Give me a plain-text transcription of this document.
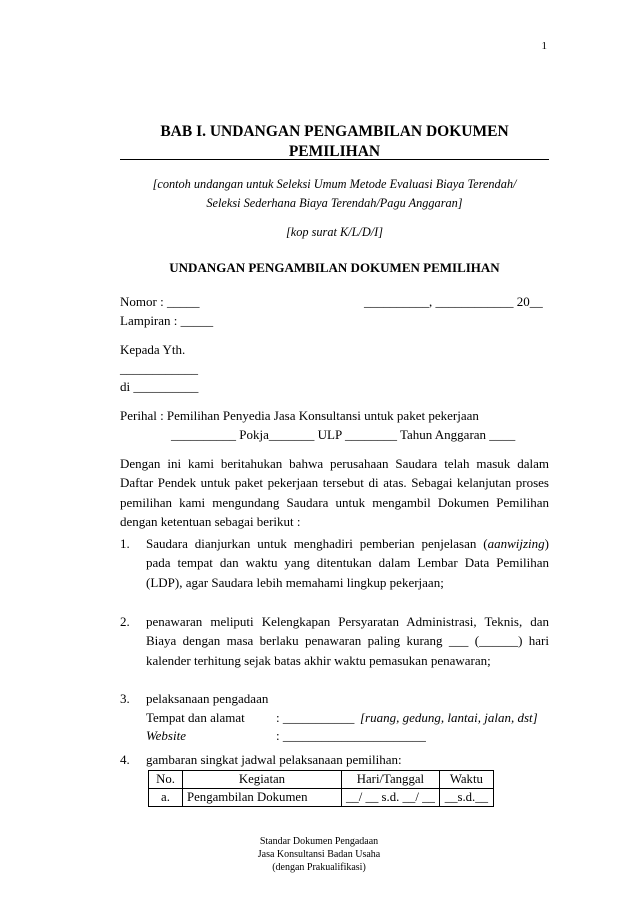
1
BAB I. UNDANGAN PENGAMBILAN DOKUMEN PEMILIHAN
[contoh undangan untuk Seleksi Umum Metode Evaluasi Biaya Terendah/
Seleksi Sederhana Biaya Terendah/Pagu Anggaran]
[kop surat K/L/D/I]
UNDANGAN PENGAMBILAN DOKUMEN PEMILIHAN
Nomor : _____	__________, ____________ 20__
Lampiran : _____
Kepada Yth.
____________
di __________
Perihal : Pemilihan Penyedia Jasa Konsultansi untuk paket pekerjaan
__________ Pokja_______ ULP ________ Tahun Anggaran ____
Dengan ini kami beritahukan bahwa perusahaan Saudara telah masuk dalam Daftar Pendek untuk paket pekerjaan tersebut di atas. Sebagai kelanjutan proses pemilihan kami mengundang Saudara untuk mengambil Dokumen Pemilihan dengan ketentuan sebagai berikut :
1. Saudara dianjurkan untuk menghadiri pemberian penjelasan (aanwijzing) pada tempat dan waktu yang ditentukan dalam Lembar Data Pemilihan (LDP), agar Saudara lebih memahami lingkup pekerjaan;
2. penawaran meliputi Kelengkapan Persyaratan Administrasi, Teknis, dan Biaya dengan masa berlaku penawaran paling kurang ___ (______) hari kalender terhitung sejak batas akhir waktu pemasukan penawaran;
3. pelaksanaan pengadaan
Tempat dan alamat : ___________ [ruang, gedung, lantai, jalan, dst]
Website	: ______________________
4. gambaran singkat jadwal pelaksanaan pemilihan:
No.	Kegiatan	Hari/Tanggal	Waktu
a.	Pengambilan Dokumen	__/ __ s.d. __/ __	__s.d.__
Standar Dokumen Pengadaan
Jasa Konsultansi Badan Usaha
(dengan Prakualifikasi)
